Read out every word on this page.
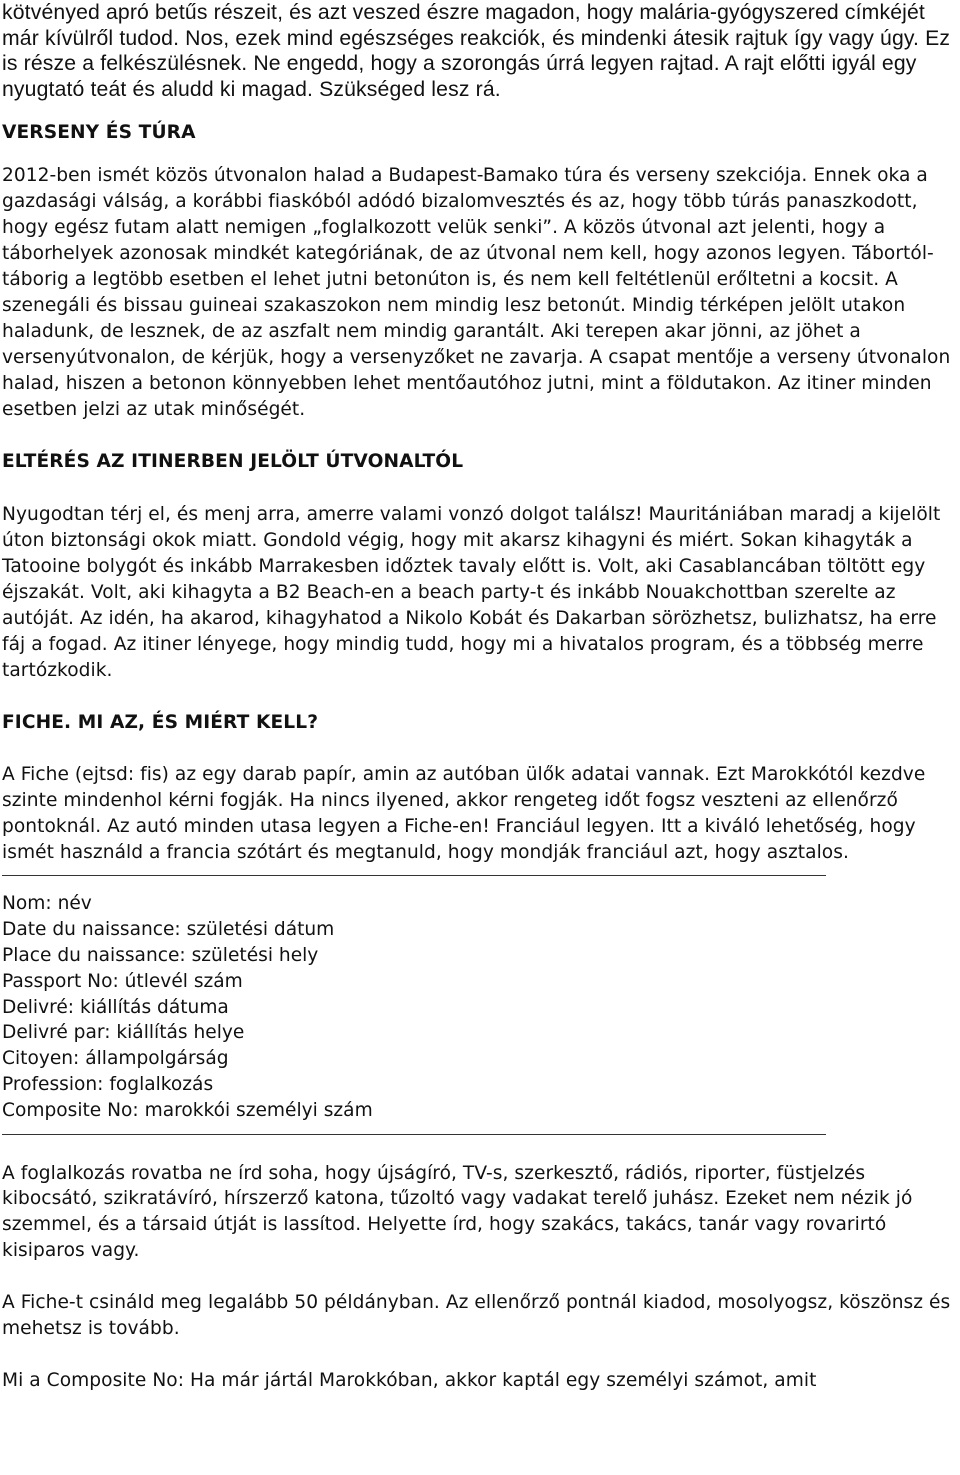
kötvényed apró betűs részeit, és azt veszed észre magadon, hogy malária-gyógyszered címkéjét már kívülről tudod. Nos, ezek mind egészséges reakciók, és mindenki átesik rajtuk így vagy úgy. Ez is része a felkészülésnek. Ne engedd, hogy a szorongás úrrá legyen rajtad. A rajt előtti igyál egy nyugtató teát és aludd ki magad. Szükséged lesz rá.

VERSENY ÉS TÚRA

2012-ben ismét közös útvonalon halad a Budapest-Bamako túra és verseny szekciója. Ennek oka a gazdasági válság, a korábbi fiaskóból adódó bizalomvesztés és az, hogy több túrás panaszkodott, hogy egész futam alatt nemigen „foglalkozott velük senki”. A közös útvonal azt jelenti, hogy a táborhelyek azonosak mindkét kategóriának, de az útvonal nem kell, hogy azonos legyen. Tábortól-táborig a legtöbb esetben el lehet jutni betonúton is, és nem kell feltétlenül erőltetni a kocsit. A szenegáli és bissau guineai szakaszokon nem mindig lesz betonút. Mindig térképen jelölt utakon haladunk, de lesznek, de az aszfalt nem mindig garantált. Aki terepen akar jönni, az jöhet a versenyútvonalon, de kérjük, hogy a versenyzőket ne zavarja. A csapat mentője a verseny útvonalon halad, hiszen a betonon könnyebben lehet mentőautóhoz jutni, mint a földutakon. Az itiner minden esetben jelzi az utak minőségét.

ELTÉRÉS AZ ITINERBEN JELÖLT ÚTVONALTÓL

Nyugodtan térj el, és menj arra, amerre valami vonzó dolgot találsz! Mauritániában maradj a kijelölt úton biztonsági okok miatt. Gondold végig, hogy mit akarsz kihagyni és miért. Sokan kihagyták a Tatooine bolygót és inkább Marrakesben időztek tavaly előtt is. Volt, aki Casablancában töltött egy éjszakát. Volt, aki kihagyta a B2 Beach-en a beach party-t és inkább Nouakchottban szerelte az autóját. Az idén, ha akarod, kihagyhatod a Nikolo Kobát és Dakarban sörözhetsz, bulizhatsz, ha erre fáj a fogad. Az itiner lényege, hogy mindig tudd, hogy mi a hivatalos program, és a többség merre tartózkodik.

FICHE. MI AZ, ÉS MIÉRT KELL?

A Fiche (ejtsd: fis) az egy darab papír, amin az autóban ülők adatai vannak. Ezt Marokkótól kezdve szinte mindenhol kérni fogják. Ha nincs ilyened, akkor rengeteg időt fogsz veszteni az ellenőrző pontoknál. Az autó minden utasa legyen a Fiche-en! Franciául legyen. Itt a kiváló lehetőség, hogy ismét használd a francia szótárt és megtanuld, hogy mondják franciául azt, hogy asztalos.

Nom: név

Date du naissance: születési dátum

Place du naissance: születési hely

Passport No: útlevél szám

Delivré: kiállítás dátuma

Delivré par: kiállítás helye

Citoyen: állampolgárság

Profession: foglalkozás

Composite No: marokkói személyi szám

A foglalkozás rovatba ne írd soha, hogy újságíró, TV-s, szerkesztő, rádiós, riporter, füstjelzés kibocsátó, szikratávíró, hírszerző katona, tűzoltó vagy vadakat terelő juhász. Ezeket nem nézik jó szemmel, és a társaid útját is lassítod. Helyette írd, hogy szakács, takács, tanár vagy rovarirtó kisiparos vagy.

A Fiche-t csináld meg legalább 50 példányban. Az ellenőrző pontnál kiadod, mosolyogsz, köszönsz és mehetsz is tovább.

Mi a Composite No: Ha már jártál Marokkóban, akkor kaptál egy személyi számot, amit
